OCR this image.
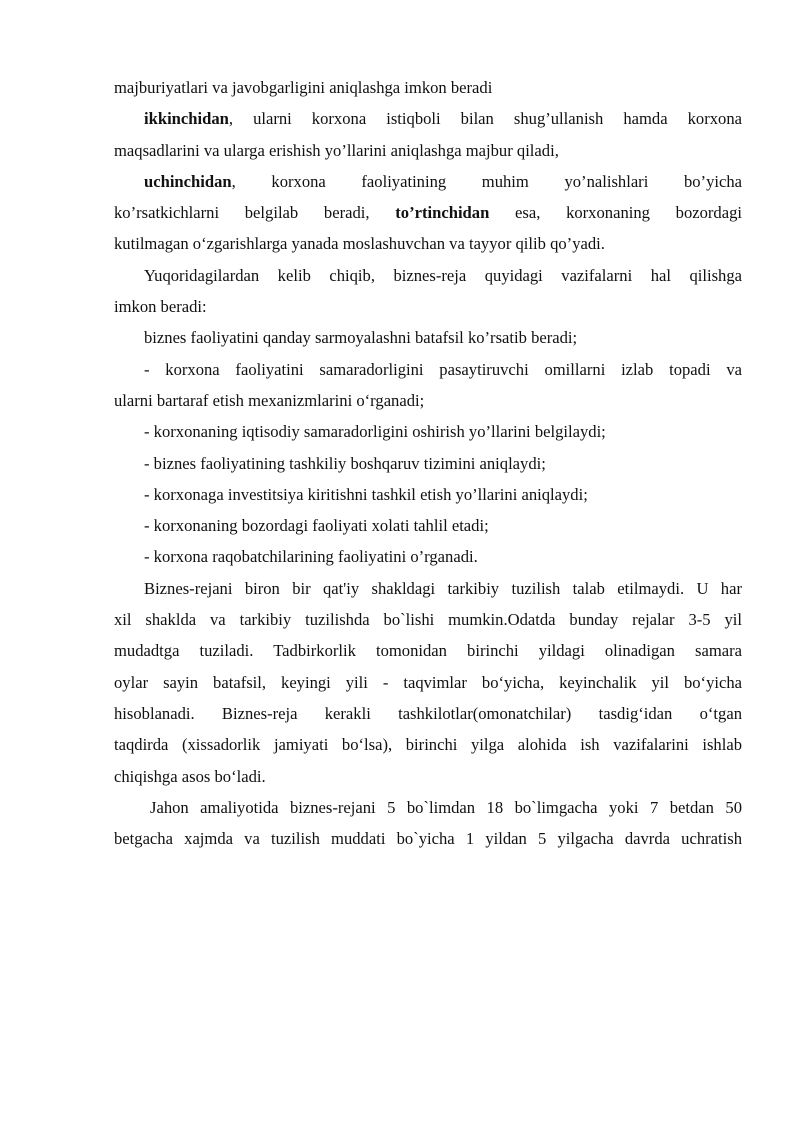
majburiyatlari va javobgarligini aniqlashga imkon beradi
ikkinchidan, ularni korxona istiqboli bilan shug’ullanish hamda korxona
maqsadlarini va ularga erishish yo’llarini aniqlashga majbur qiladi,
uchinchidan, korxona faoliyatining muhim yo’nalishlari bo’yicha
ko’rsatkichlarni belgilab beradi, to’rtinchidan esa, korxonaning bozordagi
kutilmagan o‘zgarishlarga yanada moslashuvchan va tayyor qilib qo’yadi.
Yuqoridagilardan kelib chiqib, biznes-reja quyidagi vazifalarni hal qilishga
imkon beradi:
biznes faoliyatini qanday sarmoyalashni batafsil ko’rsatib beradi;
- korxona faoliyatini samaradorligini pasaytiruvchi omillarni izlab topadi va
ularni bartaraf etish mexanizmlarini o‘rganadi;
- korxonaning iqtisodiy samaradorligini oshirish yo’llarini belgilaydi;
- biznes faoliyatining tashkiliy boshqaruv tizimini aniqlaydi;
- korxonaga investitsiya kiritishni tashkil etish yo’llarini aniqlaydi;
- korxonaning bozordagi faoliyati xolati tahlil etadi;
- korxona raqobatchilarining faoliyatini o’rganadi.
Biznes-rejani biron bir qat'iy shakldagi tarkibiy tuzilish talab etilmaydi. U har
xil shaklda va tarkibiy tuzilishda bo`lishi mumkin.Odatda bunday rejalar 3-5 yil
mudadtga tuziladi. Tadbirkorlik tomonidan birinchi yildagi olinadigan samara
oylar sayin batafsil, keyingi yili - taqvimlar bo‘yicha, keyinchalik yil bo‘yicha
hisoblanadi. Biznes-reja kerakli tashkilotlar(omonatchilar) tasdig‘idan o‘tgan
taqdirda (xissadorlik jamiyati bo‘lsa), birinchi yilga alohida ish vazifalarini ishlab
chiqishga asos bo‘ladi.
Jahon amaliyotida biznes-rejani 5 bo`limdan 18 bo`limgacha yoki 7 betdan 50
betgacha xajmda va tuzilish muddati bo`yicha 1 yildan 5 yilgacha davrda uchratish
